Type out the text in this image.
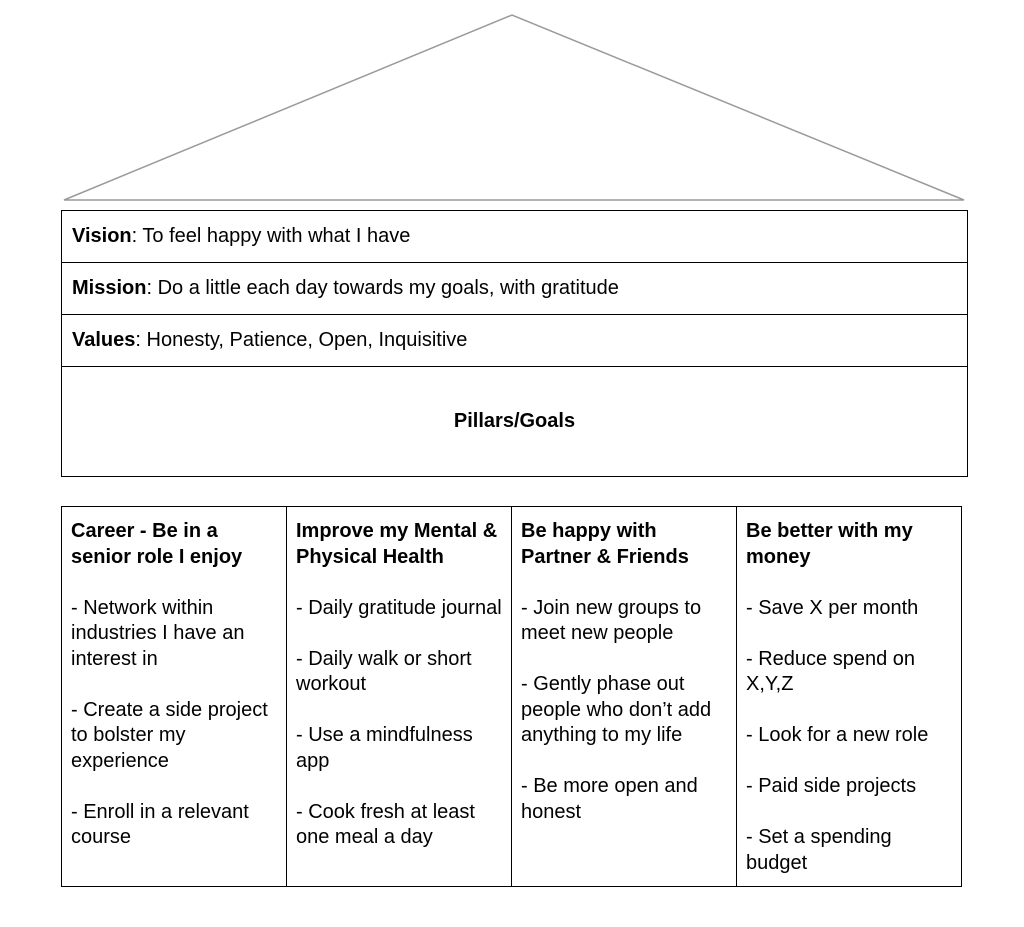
Vision : To feel happy with what I have
Mission : Do a little each day towards my goals, with gratitude
Values : Honesty, Patience, Open, Inquisitive
Pillars/Goals
Career - Be in a senior role I enjoy
- Network within industries I have an interest in
- Create a side project to bolster my experience
- Enroll in a relevant course
Improve my Mental & Physical Health
- Daily gratitude journal
- Daily walk or short workout
- Use a mindfulness app
- Cook fresh at least one meal a day
Be happy with Partner & Friends
- Join new groups to meet new people
- Gently phase out people who don’t add anything to my life
- Be more open and honest
Be better with my money
- Save X per month
- Reduce spend on X,Y,Z
- Look for a new role
- Paid side projects
- Set a spending budget
